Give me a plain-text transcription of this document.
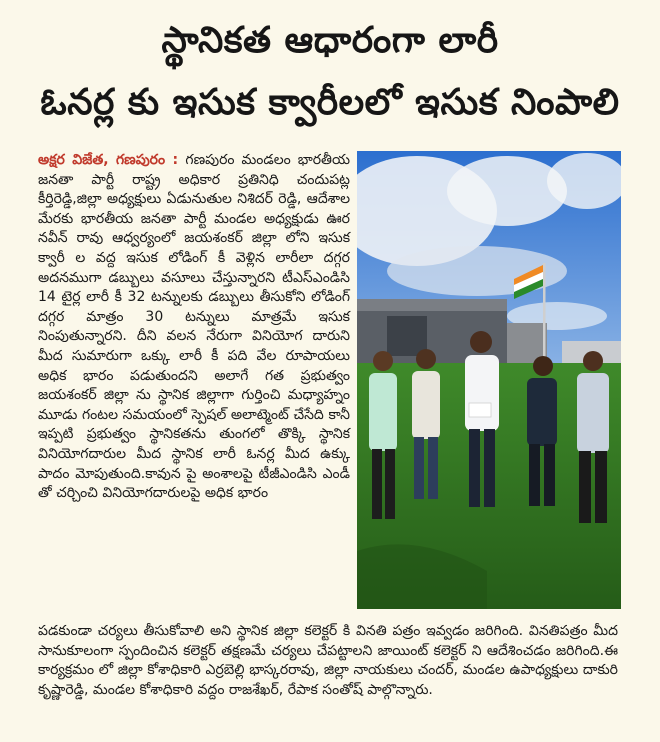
స్థానికత ఆధారంగా లారీ
ఓనర్ల కు ఇసుక క్వారీలలో ఇసుక నింపాలి
అక్షర విజేత, గణపురం : గణపురం మండలం భారతీయ జనతా పార్టీ రాష్ట్ర అధికార ప్రతినిధి చందుపట్ల కీర్తిరెడ్డి,జిల్లా అధ్యక్షులు ఏడునుతుల నిశిదర్ రెడ్డి, ఆదేశాల మేరకు భారతీయ జనతా పార్టీ మండల అధ్యక్షుడు ఊర నవీన్ రావు ఆధ్వర్యంలో జయశంకర్ జిల్లా లోని ఇసుక క్వారీ ల వద్ద ఇసుక లోడింగ్ కీ వెళ్లిన లారీలా దగ్గర అదనముగా డబ్బులు వసూలు చేస్తున్నారని టీఎస్ఎండిసి 14 టైర్ల లారీ కీ 32 టన్నులకు డబ్బులు తీసుకోని లోడింగ్ దగ్గర మాత్రం 30 టన్నులు మాత్రమే ఇసుక నింపుతున్నారని. దీని వలన నేరుగా వినియోగ దారుని మీద సుమారుగా ఒక్కు లారీ కీ పది వేల రూపాయలు అధిక భారం పడుతుందని అలాగే గత ప్రభుత్వం జయశంకర్ జిల్లా ను స్థానిక జిల్లాగా గుర్తించి మధ్యాహ్నం మూడు గంటల సమయంలో స్పెషల్ అలాట్మెంట్ చేసేది కానీ ఇప్పటి ప్రభుత్వం స్థానికతను తుంగలో తొక్కి స్థానిక వినియోగదారుల మీద స్థానిక లారీ ఓనర్ల మీద ఉక్కు పాదం మోపుతుంది.కావున పై అంశాలపై టీజీఎండిసి ఎండీ తో చర్చించి వినియోగదారులపై అధిక భారం
పడకుండా చర్యలు తీసుకోవాలి అని స్థానిక జిల్లా కలెక్టర్ కి వినతి పత్రం ఇవ్వడం జరిగింది. వినతిపత్రం మీద సానుకూలంగా స్పందించిన కలెక్టర్ తక్షణమే చర్యలు చేపట్టాలని జాయింట్ కలెక్టర్ ని ఆదేశించడం జరిగింది.ఈ కార్యక్రమం లో జిల్లా కోశాధికారి ఎర్రబెల్లి భాస్కరరావు, జిల్లా నాయకులు చందర్, మండల ఉపాధ్యక్షులు దాకురి కృష్ణారెడ్డి, మండల కోశాధికారి వద్దం రాజశేఖర్, రేపాక సంతోష్ పాల్గొన్నారు.
